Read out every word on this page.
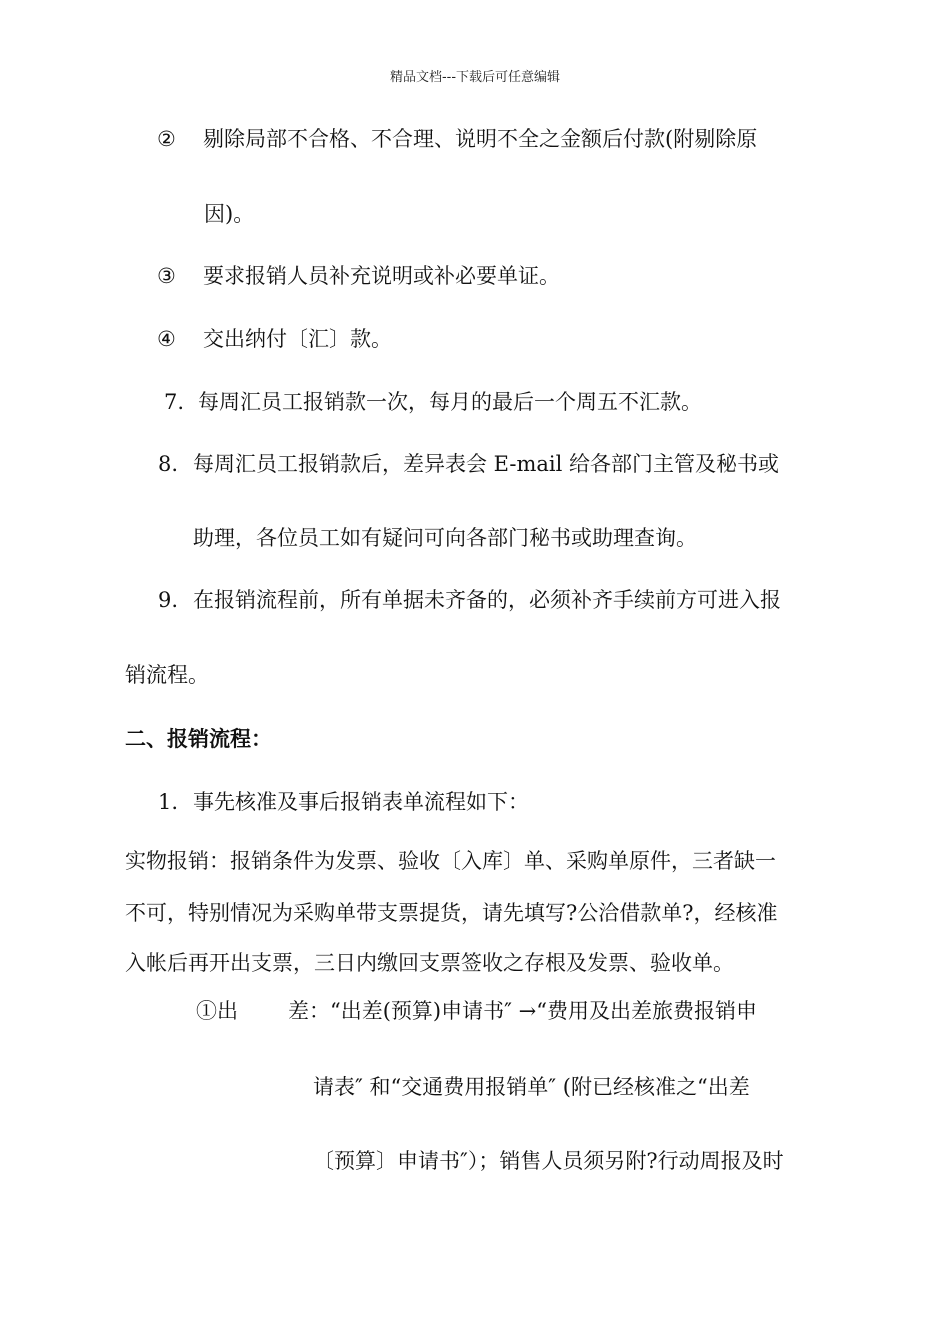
精品文档---下载后可任意编辑
② 剔除局部不合格、不合理、说明不全之金额后付款(附剔除原
因)。
③ 要求报销人员补充说明或补必要单证。
④ 交出纳付〔汇〕款。
7. 每周汇员工报销款一次，每月的最后一个周五不汇款。
8. 每周汇员工报销款后，差异表会 E-mail 给各部门主管及秘书或
助理，各位员工如有疑问可向各部门秘书或助理查询。
9. 在报销流程前，所有单据未齐备的，必须补齐手续前方可进入报
销流程。
二、报销流程：
1. 事先核准及事后报销表单流程如下：
实物报销：报销条件为发票、验收〔入库〕单、采购单原件，三者缺一
不可，特别情况为采购单带支票提货，请先填写?公洽借款单?，经核准
入帐后再开出支票，三日内缴回支票签收之存根及发票、验收单。
①出 差：“出差(预算)申请书″ →“费用及出差旅费报销申
请表″ 和“交通费用报销单″ (附已经核准之“出差
〔预算〕申请书″）；销售人员须另附?行动周报及时
